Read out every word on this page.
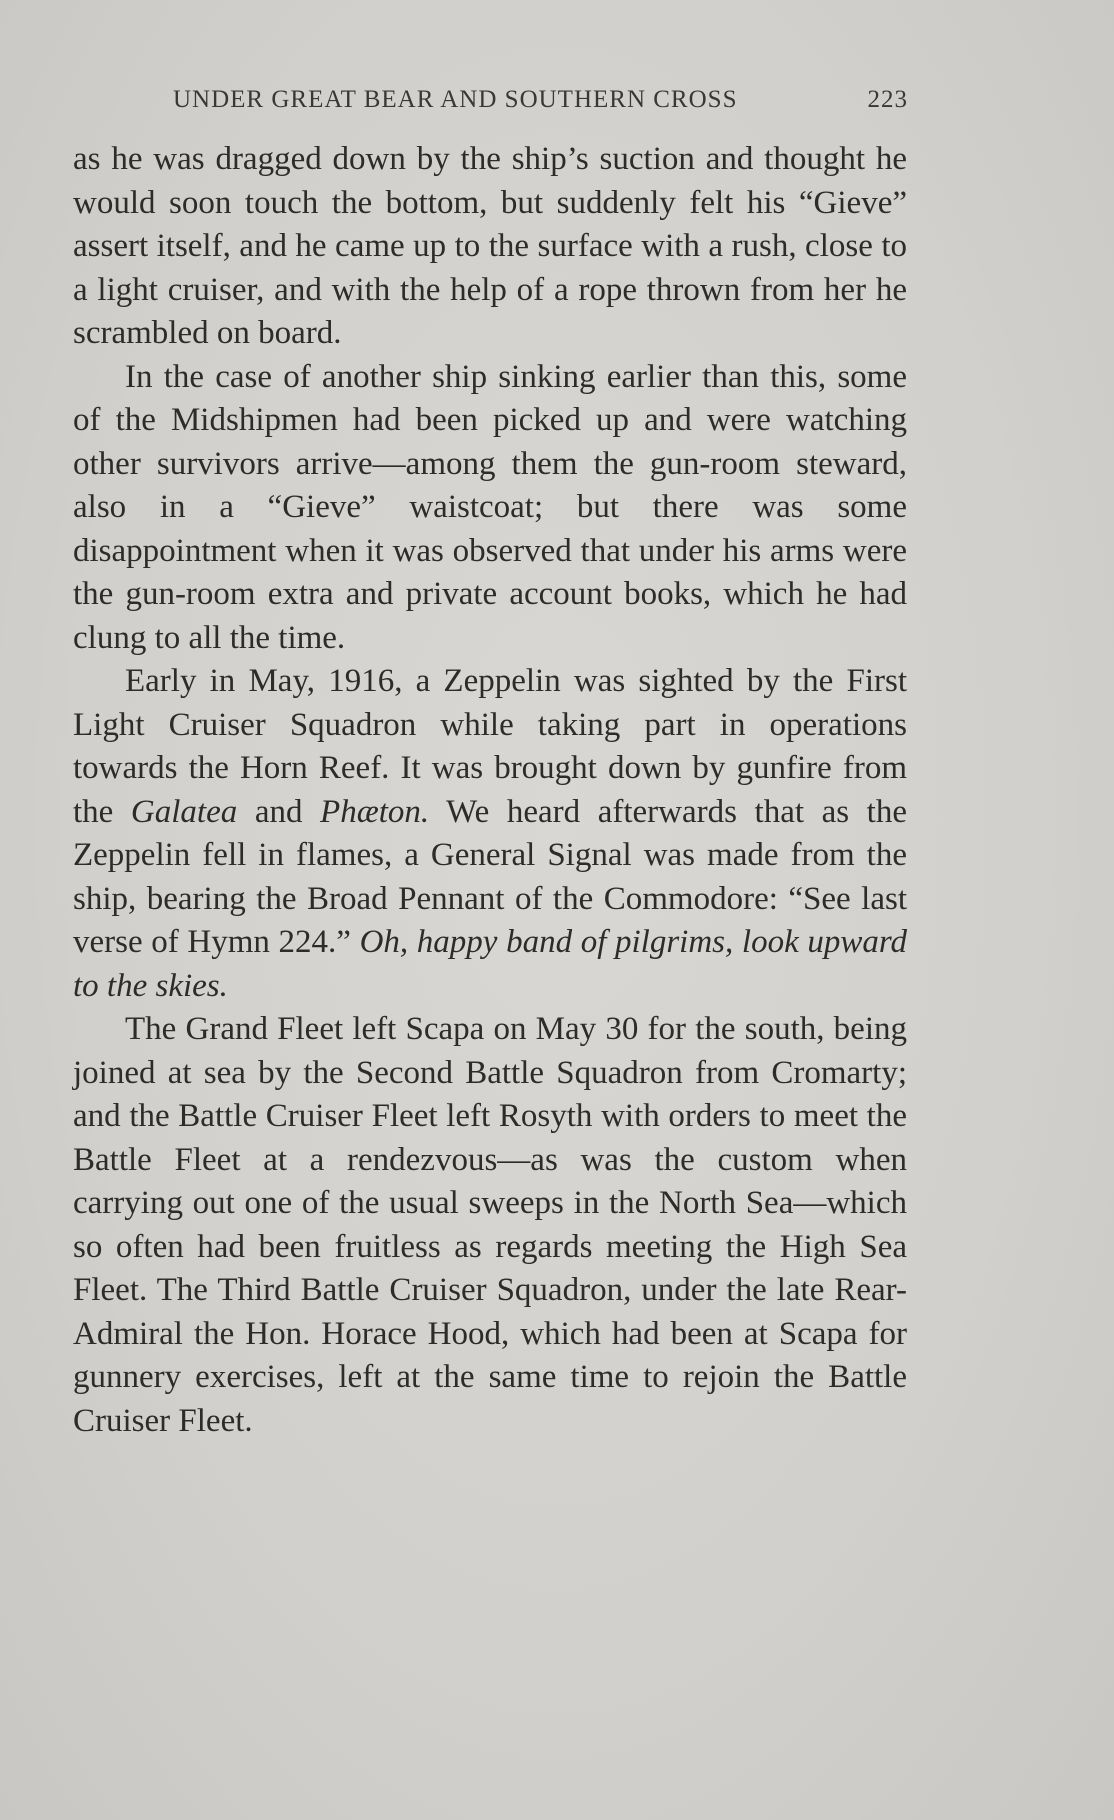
UNDER GREAT BEAR AND SOUTHERN CROSS	223

as he was dragged down by the ship’s suction and thought he would soon touch the bottom, but suddenly felt his “Gieve” assert itself, and he came up to the surface with a rush, close to a light cruiser, and with the help of a rope thrown from her he scrambled on board.

In the case of another ship sinking earlier than this, some of the Midshipmen had been picked up and were watching other survivors arrive—among them the gun-room steward, also in a “Gieve” waistcoat; but there was some disappointment when it was observed that under his arms were the gun-room extra and private account books, which he had clung to all the time.

Early in May, 1916, a Zeppelin was sighted by the First Light Cruiser Squadron while taking part in operations towards the Horn Reef. It was brought down by gunfire from the Galatea and Phæton. We heard afterwards that as the Zeppelin fell in flames, a General Signal was made from the ship, bearing the Broad Pennant of the Commodore: “See last verse of Hymn 224.” Oh, happy band of pilgrims, look upward to the skies.

The Grand Fleet left Scapa on May 30 for the south, being joined at sea by the Second Battle Squadron from Cromarty; and the Battle Cruiser Fleet left Rosyth with orders to meet the Battle Fleet at a rendezvous—as was the custom when carrying out one of the usual sweeps in the North Sea—which so often had been fruitless as regards meeting the High Sea Fleet. The Third Battle Cruiser Squadron, under the late Rear-Admiral the Hon. Horace Hood, which had been at Scapa for gunnery exercises, left at the same time to rejoin the Battle Cruiser Fleet.
